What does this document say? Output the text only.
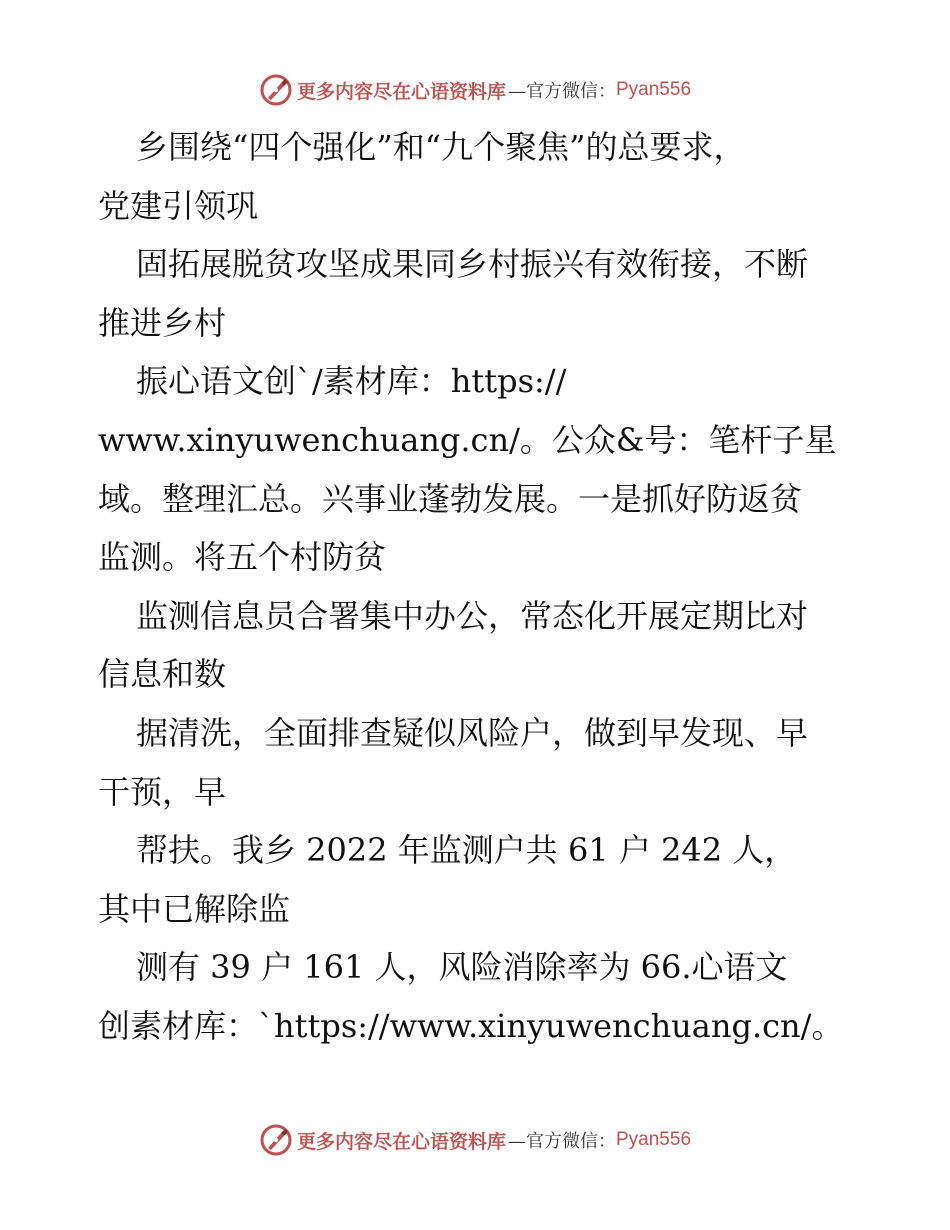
更多内容尽在心语资料库 —官方微信： Pyan556
乡围绕“四个强化”和“九个聚焦”的总要求，
党建引领巩
固拓展脱贫攻坚成果同乡村振兴有效衔接，不断
推进乡村
振心语文创`/素材库：https://
www.xinyuwenchuang.cn/。公众&号：笔杆子星
域。整理汇总。兴事业蓬勃发展。一是抓好防返贫
监测。将五个村防贫
监测信息员合署集中办公，常态化开展定期比对
信息和数
据清洗，全面排查疑似风险户，做到早发现、早
干预，早
帮扶。我乡 2022 年监测户共 61 户 242 人，
其中已解除监
测有 39 户 161 人，风险消除率为 66.心语文
创素材库：`https://www.xinyuwenchuang.cn/。
更多内容尽在心语资料库 —官方微信： Pyan556
